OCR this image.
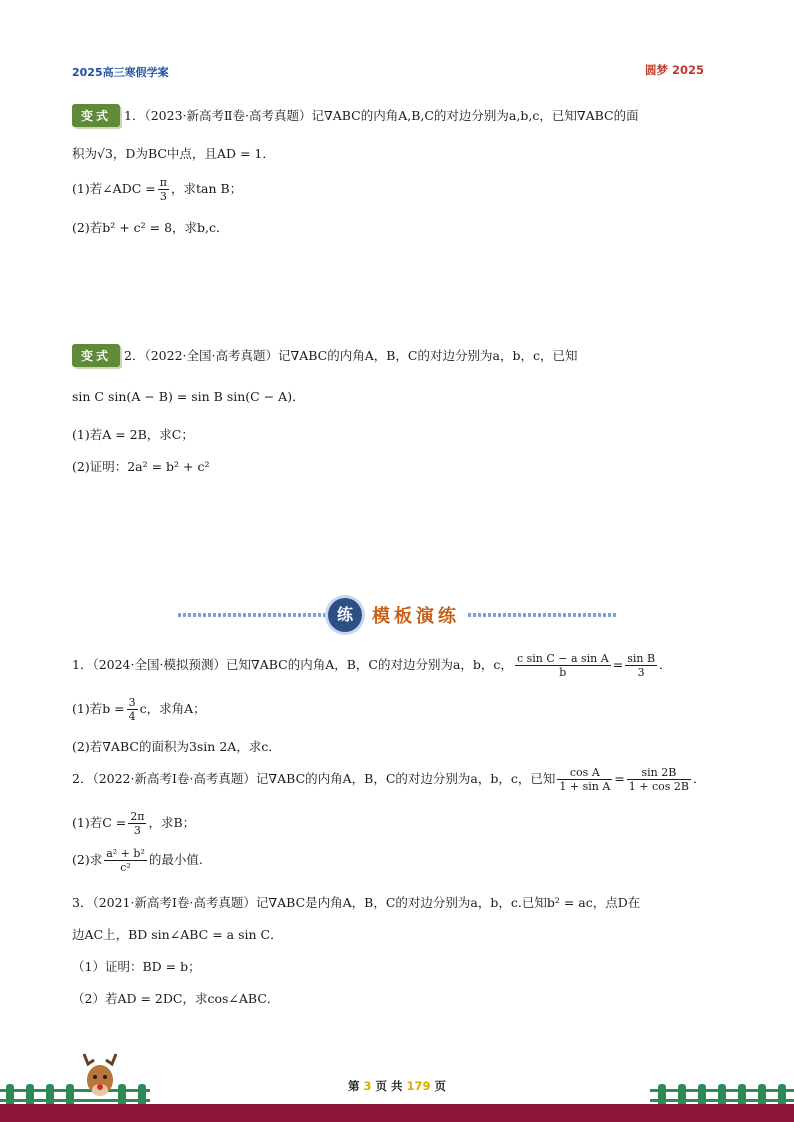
2025高三寒假学案	圆梦 2025
变式 1．（2023·新高考Ⅱ卷·高考真题）记∇ABC的内角A,B,C的对边分别为a,b,c，已知∇ABC的面
积为√3，D为BC中点，且AD = 1．
(1)若∠ADC = $\frac{\pi}{3}$ ，求tan B；
(2)若b² + c² = 8，求b,c．
变式 2．（2022·全国·高考真题）记∇ABC的内角A，B，C的对边分别为a，b，c，已知
sin C sin(A − B) = sin B sin(C − A)．
(1)若A = 2B，求C；
(2)证明：2a² = b² + c²
练	模板演练
1．（2024·全国·模拟预测）已知∇ABC的内角A，B，C的对边分别为a，b，c， $\frac{\text{c sin C − a sin A}}{b} = \frac{\text{sin B}}{3}$ ．
(1)若$b = \frac{3}{4}$ c，求角A；
(2)若∇ABC的面积为3sin 2A，求c．
2．（2022·新高考Ⅰ卷·高考真题）记∇ABC的内角A，B，C的对边分别为a，b，c，已知 $\frac{\text{cos A}}{\text{1 + sin A}} = \frac{\sin 2B}{1 + \cos 2B}$ ．
(1)若$C = \frac{2\pi}{3}$ ，求B；
(2)求 $\frac{\text{a² + b²}}{\text{c²}}$ 的最小值.
3．（2021·新高考Ⅰ卷·高考真题）记∇ABC是内角A，B，C的对边分别为a，b，c.已知b² = ac，点D在
边AC上，BD sin∠ABC = a sin C．
（1）证明：BD = b；
（2）若AD = 2DC，求cos∠ABC．
第 3 页 共 179 页
